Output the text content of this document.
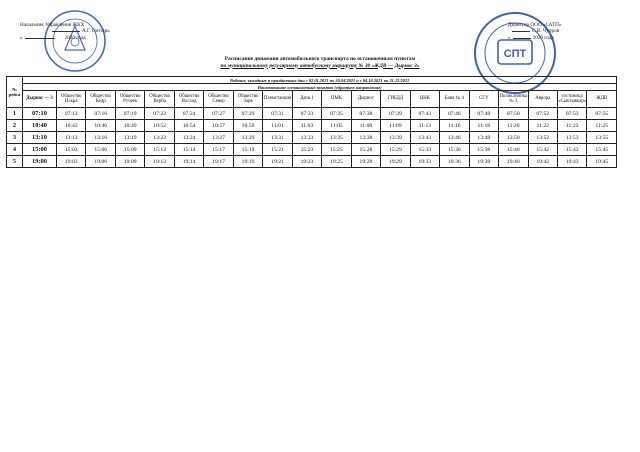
СПТ
Начальник Управления ЖКХ
А.Г. Гонтарь
«	2020 года
Директор ООО «САТП»
С.В. Чупров
«	2020 года
Расписание движения автомобильного транспорта по остановочным пунктам
по муниципальному регулярному автобусному маршруту № 30 «ЖДВ — Дырнос 3»
№ рейса	Рабочие, выходные и праздничные дни с 02.01.2021 по 30.04.2021 и с 04.10.2021 по 31.12.2021																			
	Наименование остановочных пунктов (обратное направление)																			
	Дырнос — 3	Общество Искра	Общество Кедр	Общество Ручеек	Общество Верба	Общество Восход	Общество Север	Общество Заря	Племстанция	Дачи 1	ПМК	Дырнос	ГИБДД	ЦНК	Баня № 4	СГУ	Поликлиника № 3	Аврора	гостиница «Сыктывкар»	ЖДВ
1	07:10	07:13	07:16	07:19	07:22	07:24	07:27	07:29	07:31	07:33	07:35	07:38	07:39	07:43	07:46	07:48	07:50	07:52	07:53	07:55
2	10:40	10:43	10:46	10:49	10:52	10:54	10:57	10:59	11:01	11:03	11:05	11:08	11:09	11:13	11:16	11:18	11:20	11:22	11:23	11:25
3	13:10	13:13	13:16	13:19	13:22	13:24	13:27	13:29	13:31	13:33	13:35	13:38	13:39	13:43	13:46	13:48	13:50	13:52	13:53	13:55
4	15:00	15:03	15:06	15:09	15:12	15:14	15:17	15:19	15:21	15:23	15:25	15:28	15:29	15:33	15:36	15:38	15:40	15:42	15:43	15:45
5	19:00	19:03	19:06	19:09	19:12	19:14	19:17	19:19	19:21	19:23	19:25	19:28	19:29	19:33	19:36	19:38	19:40	19:42	19:43	19:45
